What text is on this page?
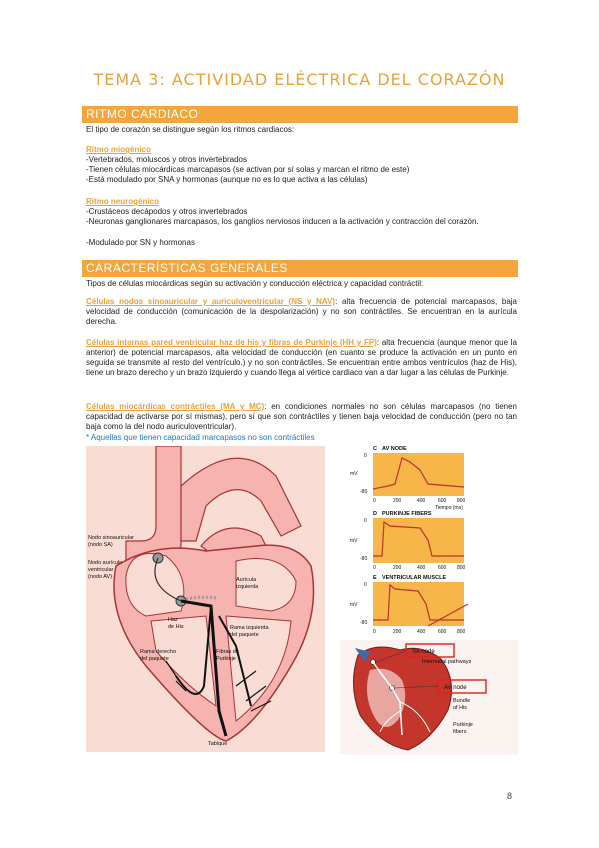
TEMA 3: ACTIVIDAD ELÉCTRICA DEL CORAZÓN
RITMO CARDIACO
El tipo de corazón se distingue según los ritmos cardiacos:
Ritmo miogénico
-Vertebrados, moluscos y otros invertebrados
-Tienen células miocárdicas marcapasos (se activan por sí solas y marcan el ritmo de este)
-Está modulado por SNA y hormonas (aunque no es lo que activa a las células)
Ritmo neurogénico
-Crustáceos decápodos y otros invertebrados
-Neuronas ganglionares marcapasos, los ganglios nerviosos inducen a la activación y contracción del corazón.
-Modulado por SN y hormonas
CARACTERÍSTICAS GENERALES
Tipos de células miocárdicas según su activación y conducción eléctrica y capacidad contráctil:
Células nodos sinoauricular y auriculoventricular (NS y NAV): alta frecuencia de potencial marcapasos, baja velocidad de conducción (comunicación de la despolarización) y no son contráctiles. Se encuentran en la aurícula derecha.
Células internas pared ventricular haz de his y fibras de Purkinje (HH y FP): alta frecuencia (aunque menor que la anterior) de potencial marcapasos, alta velocidad de conducción (en cuanto se produce la activación en un punto en seguida se transmite al resto del ventrículo.) y no son contráctiles. Se encuentran entre ambos ventrículos (haz de His), tiene un brazo derecho y un brazo izquierdo y cuando llega al vértice cardiaco van a dar lugar a las células de Purkinje.
Células miocárdicas contráctiles (MA y MC): en condiciones normales no son células marcapasos (no tienen capacidad de activarse por sí mismas), pero sí que son contráctiles y tienen baja velocidad de conducción (pero no tan baja como la del nodo auriculoventricular).
* Aquellas que tienen capacidad marcapasos no son contráctiles
Nodo sinoauricular
(nodo SA)
Nodo aurículo
ventricular
(nodo AV)	Aurícula
izquierda
Haz
de His	Rama izquierda
del paquete
Rama derecho
del paquete
Fibras de
Purkinje
Tabique
C AV NODE
mV
0
-80
0	200	400	600 800
Tiempo (ms)
D PURKINJE FIBERS
mV
0
-80
0	200	400	600 800
E VENTRICULAR MUSCLE
mV
0
-80
0	200	400	600 800
SA node
Internodal pathways
AV node
Bundle
of His
Purkinje
fibers
8
